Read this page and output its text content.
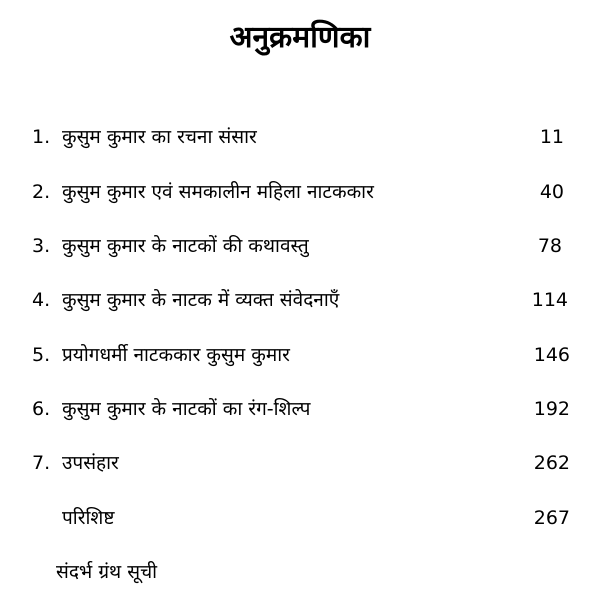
अनुक्रमणिका
1. कुसुम कुमार का रचना संसार	11
2. कुसुम कुमार एवं समकालीन महिला नाटककार	40
3. कुसुम कुमार के नाटकों की कथावस्तु	78
4. कुसुम कुमार के नाटक में व्यक्त संवेदनाएँ	114
5. प्रयोगधर्मी नाटककार कुसुम कुमार	146
6. कुसुम कुमार के नाटकों का रंग-शिल्प	192
7. उपसंहार	262
परिशिष्ट	267
संदर्भ ग्रंथ सूची
